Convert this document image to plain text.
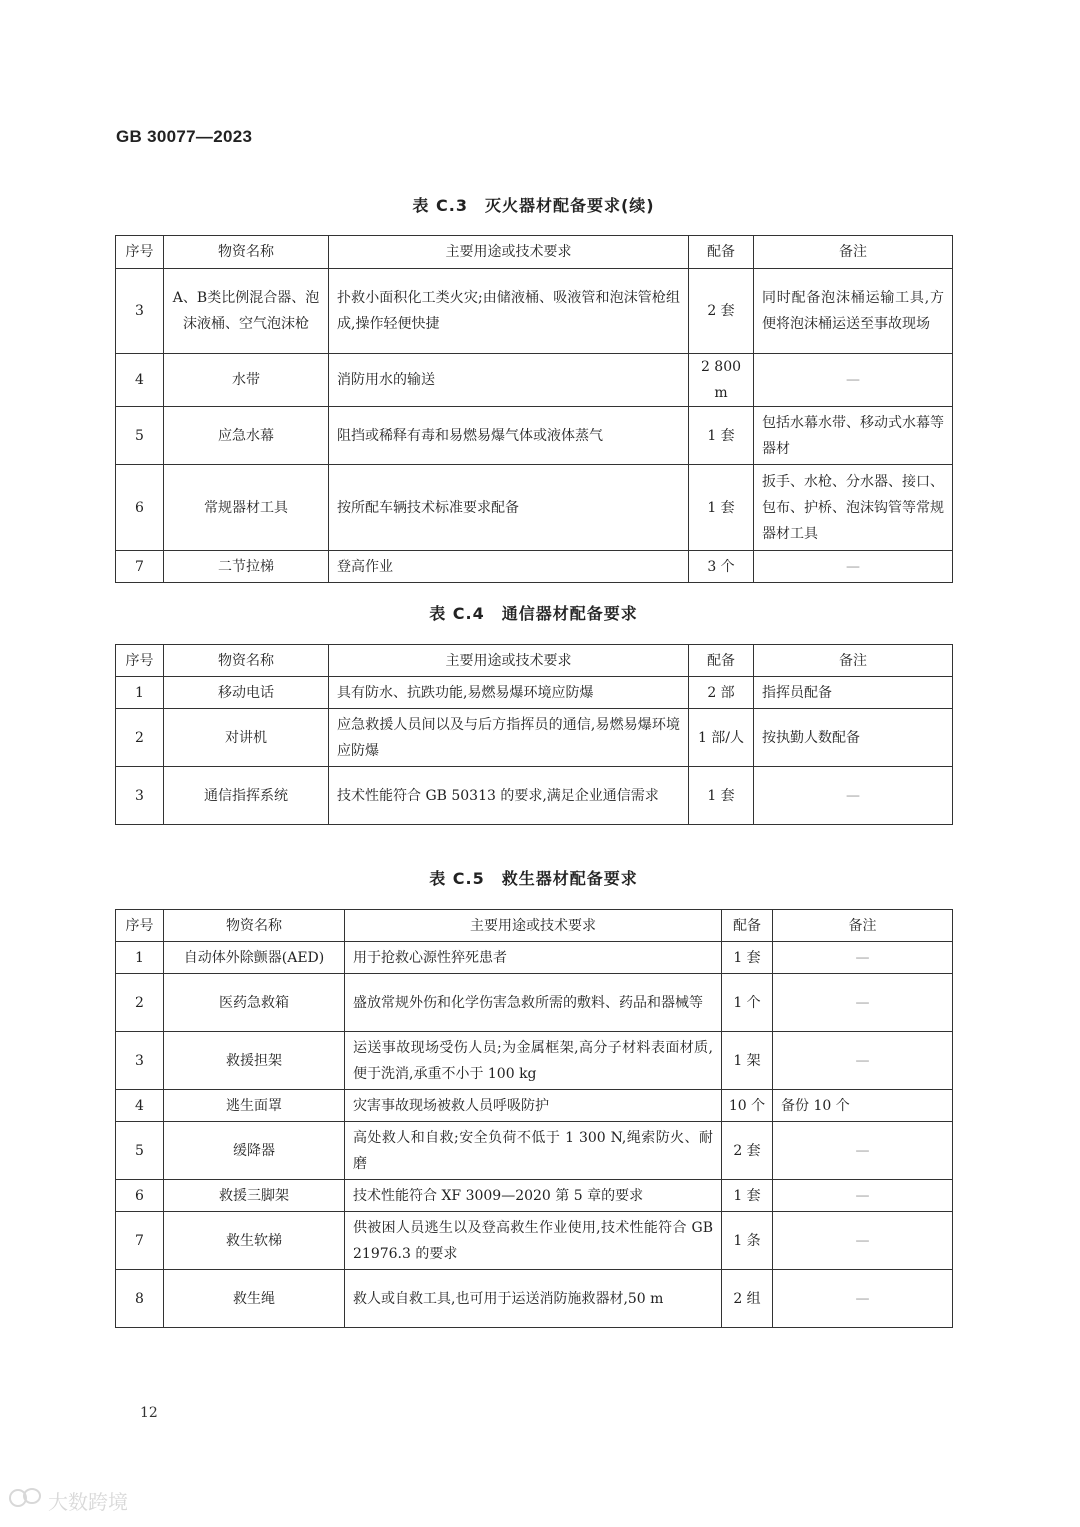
GB 30077—2023
表 C.3　灭火器材配备要求(续)
序号	物资名称	主要用途或技术要求	配备	备注
3	A、B类比例混合器、泡沫液桶、空气泡沫枪	扑救小面积化工类火灾;由储液桶、吸液管和泡沫管枪组成,操作轻便快捷	2 套	同时配备泡沫桶运输工具,方便将泡沫桶运送至事故现场
4	水带	消防用水的输送	2 800 m	—
5	应急水幕	阻挡或稀释有毒和易燃易爆气体或液体蒸气	1 套	包括水幕水带、移动式水幕等器材
6	常规器材工具	按所配车辆技术标准要求配备	1 套	扳手、水枪、分水器、接口、包布、护桥、泡沫钩管等常规器材工具
7	二节拉梯	登高作业	3 个	—
表 C.4　通信器材配备要求
序号	物资名称	主要用途或技术要求	配备	备注
1	移动电话	具有防水、抗跌功能,易燃易爆环境应防爆	2 部	指挥员配备
2	对讲机	应急救援人员间以及与后方指挥员的通信,易燃易爆环境应防爆	1 部/人	按执勤人数配备
3	通信指挥系统	技术性能符合 GB 50313 的要求,满足企业通信需求	1 套	—
表 C.5　救生器材配备要求
序号	物资名称	主要用途或技术要求	配备	备注
1	自动体外除颤器(AED)	用于抢救心源性猝死患者	1 套	—
2	医药急救箱	盛放常规外伤和化学伤害急救所需的敷料、药品和器械等	1 个	—
3	救援担架	运送事故现场受伤人员;为金属框架,高分子材料表面材质,便于洗消,承重不小于 100 kg	1 架	—
4	逃生面罩	灾害事故现场被救人员呼吸防护	10 个	备份 10 个
5	缓降器	高处救人和自救;安全负荷不低于 1 300 N,绳索防火、耐磨	2 套	—
6	救援三脚架	技术性能符合 XF 3009—2020 第 5 章的要求	1 套	—
7	救生软梯	供被困人员逃生以及登高救生作业使用,技术性能符合 GB 21976.3 的要求	1 条	—
8	救生绳	救人或自救工具,也可用于运送消防施救器材,50 m	2 组	—
12
大数跨境
